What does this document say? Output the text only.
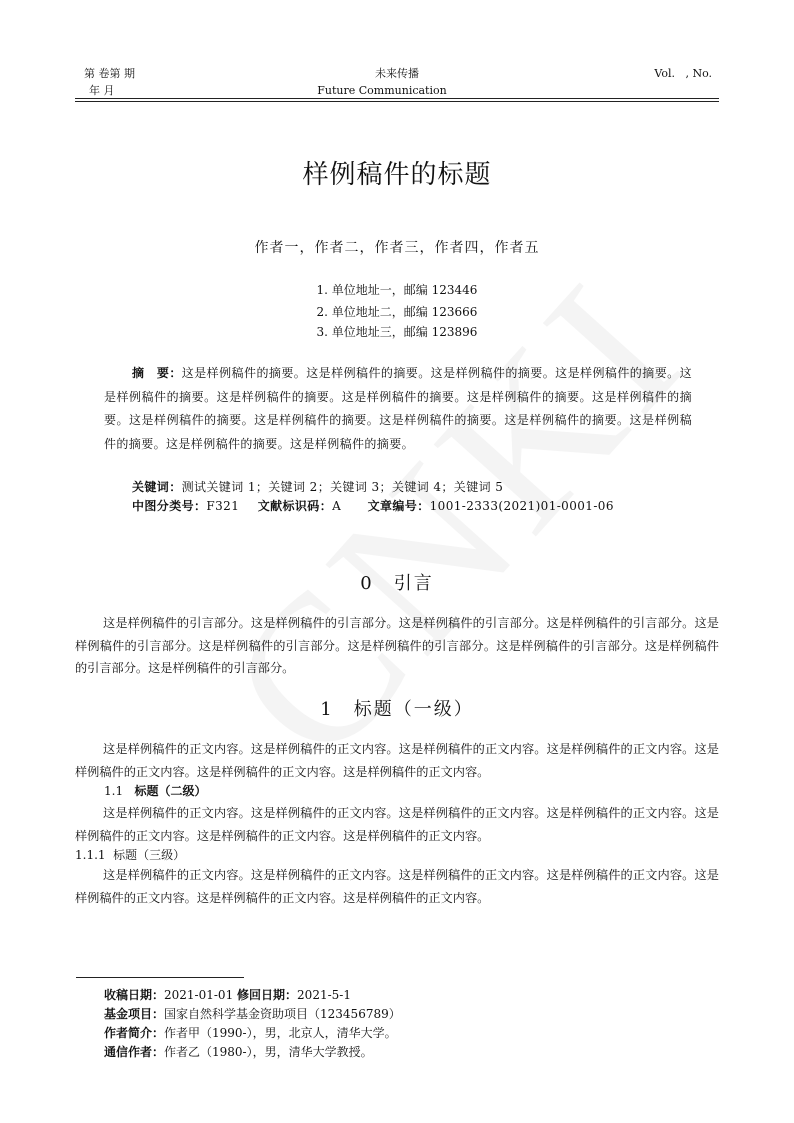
第 卷第 期
年 月
未来传播
Future Communication
Vol.   , No.
样例稿件的标题
作者一，作者二，作者三，作者四，作者五
1. 单位地址一，邮编 123446
2. 单位地址二，邮编 123666
3. 单位地址三，邮编 123896
摘　要：这是样例稿件的摘要。这是样例稿件的摘要。这是样例稿件的摘要。这是样例稿件的摘要。这是样例稿件的摘要。这是样例稿件的摘要。这是样例稿件的摘要。这是样例稿件的摘要。这是样例稿件的摘要。这是样例稿件的摘要。这是样例稿件的摘要。这是样例稿件的摘要。这是样例稿件的摘要。这是样例稿件的摘要。这是样例稿件的摘要。这是样例稿件的摘要。
关键词：测试关键词 1；关键词 2；关键词 3；关键词 4；关键词 5
中图分类号：F321 文献标识码：A 文章编号：1001-2333(2021)01-0001-06
0　引言
这是样例稿件的引言部分。这是样例稿件的引言部分。这是样例稿件的引言部分。这是样例稿件的引言部分。这是样例稿件的引言部分。这是样例稿件的引言部分。这是样例稿件的引言部分。这是样例稿件的引言部分。这是样例稿件的引言部分。这是样例稿件的引言部分。
1　标题（一级）
这是样例稿件的正文内容。这是样例稿件的正文内容。这是样例稿件的正文内容。这是样例稿件的正文内容。这是样例稿件的正文内容。这是样例稿件的正文内容。这是样例稿件的正文内容。
1.1 标题（二级）
这是样例稿件的正文内容。这是样例稿件的正文内容。这是样例稿件的正文内容。这是样例稿件的正文内容。这是样例稿件的正文内容。这是样例稿件的正文内容。这是样例稿件的正文内容。
1.1.1  标题（三级）
这是样例稿件的正文内容。这是样例稿件的正文内容。这是样例稿件的正文内容。这是样例稿件的正文内容。这是样例稿件的正文内容。这是样例稿件的正文内容。这是样例稿件的正文内容。
收稿日期：2021-01-01 修回日期：2021-5-1
基金项目：国家自然科学基金资助项目（123456789）
作者简介：作者甲（1990-），男，北京人，清华大学。
通信作者：作者乙（1980-），男，清华大学教授。
